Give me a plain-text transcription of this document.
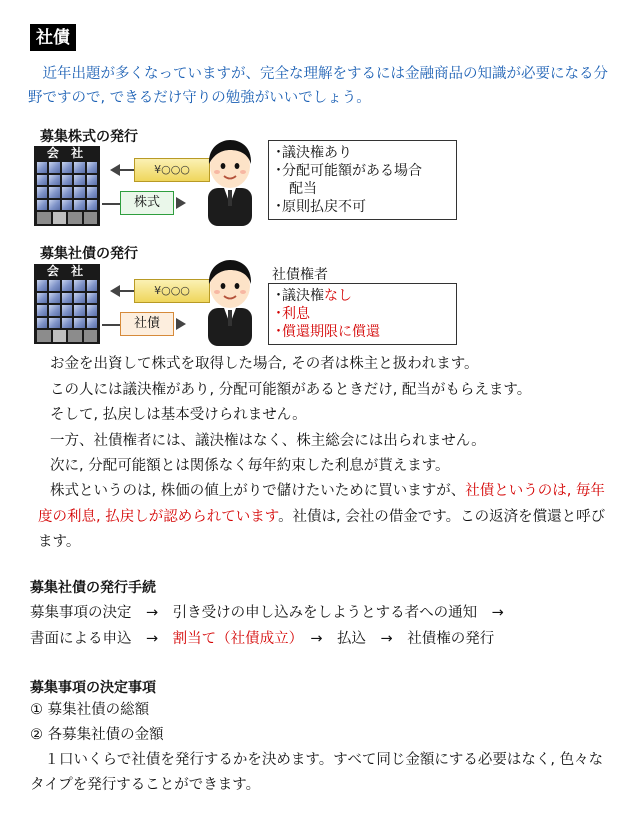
社債
　近年出題が多くなっていますが、完全な理解をするには金融商品の知識が必要になる分野ですので, できるだけ守りの勉強がいいでしょう。
募集株式の発行
会 社
¥○○○
株式
･議決権あり
･分配可能額がある場合
　配当
･原則払戻不可
募集社債の発行
会 社
¥○○○
社債
社債権者
･議決権なし
･利息
･償還期限に償還

お金を出資して株式を取得した場合, その者は株主と扱われます。

この人には議決権があり, 分配可能額があるときだけ, 配当がもらえます。

そして, 払戻しは基本受けられません。

一方、社債権者には、議決権はなく、株主総会には出られません。

次に, 分配可能額とは関係なく毎年約束した利息が貰えます。

株式というのは, 株価の値上がりで儲けたいために買いますが、社債というのは, 毎年度の利息, 払戻しが認められています。社債は, 会社の借金です。この返済を償還と呼びます。
募集社債の発行手続
募集事項の決定　→　引き受けの申し込みをしようとする者への通知　→
書面による申込　→　割当て（社債成立）　→　払込　→　社債権の発行
募集事項の決定事項
① 募集社債の総額
② 各募集社債の金額
　１口いくらで社債を発行するかを決めます。すべて同じ金額にする必要はなく, 色々なタイプを発行することができます。
